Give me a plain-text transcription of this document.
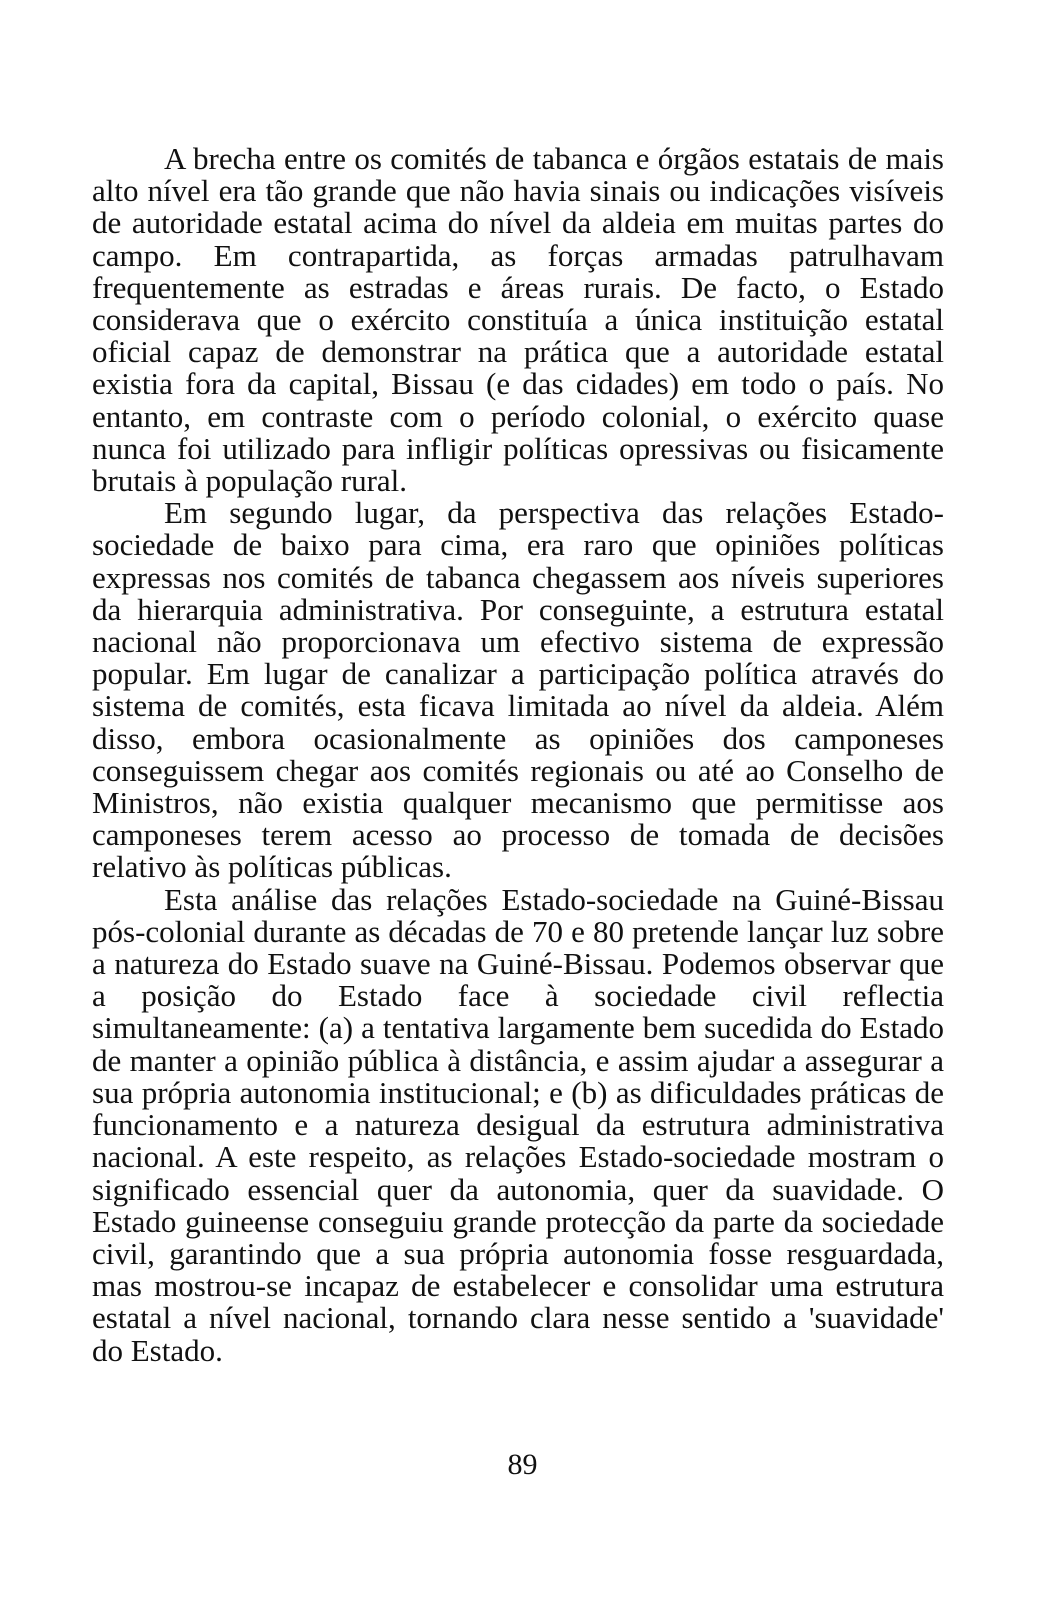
A brecha entre os comités de tabanca e órgãos estatais de mais alto nível era tão grande que não havia sinais ou indicações visíveis de autoridade estatal acima do nível da aldeia em muitas partes do campo. Em contrapartida, as forças armadas patrulhavam frequentemente as estradas e áreas rurais. De facto, o Estado considerava que o exército constituía a única instituição estatal oficial capaz de demonstrar na prática que a autoridade estatal existia fora da capital, Bissau (e das cidades) em todo o país. No entanto, em contraste com o período colonial, o exército quase nunca foi utilizado para infligir políticas opressivas ou fisicamente brutais à população rural.

Em segundo lugar, da perspectiva das relações Estado-sociedade de baixo para cima, era raro que opiniões políticas expressas nos comités de tabanca chegassem aos níveis superiores da hierarquia administrativa. Por conseguinte, a estrutura estatal nacional não proporcionava um efectivo sistema de expressão popular. Em lugar de canalizar a participação política através do sistema de comités, esta ficava limitada ao nível da aldeia. Além disso, embora ocasionalmente as opiniões dos camponeses conseguissem chegar aos comités regionais ou até ao Conselho de Ministros, não existia qualquer mecanismo que permitisse aos camponeses terem acesso ao processo de tomada de decisões relativo às políticas públicas.

Esta análise das relações Estado-sociedade na Guiné-Bissau pós-colonial durante as décadas de 70 e 80 pretende lançar luz sobre a natureza do Estado suave na Guiné-Bissau. Podemos observar que a posição do Estado face à sociedade civil reflectia simultaneamente: (a) a tentativa largamente bem sucedida do Estado de manter a opinião pública à distância, e assim ajudar a assegurar a sua própria autonomia institucional; e (b) as dificuldades práticas de funcionamento e a natureza desigual da estrutura administrativa nacional. A este respeito, as relações Estado-sociedade mostram o significado essencial quer da autonomia, quer da suavidade. O Estado guineense conseguiu grande protecção da parte da sociedade civil, garantindo que a sua própria autonomia fosse resguardada, mas mostrou-se incapaz de estabelecer e consolidar uma estrutura estatal a nível nacional, tornando clara nesse sentido a 'suavidade' do Estado.

89
